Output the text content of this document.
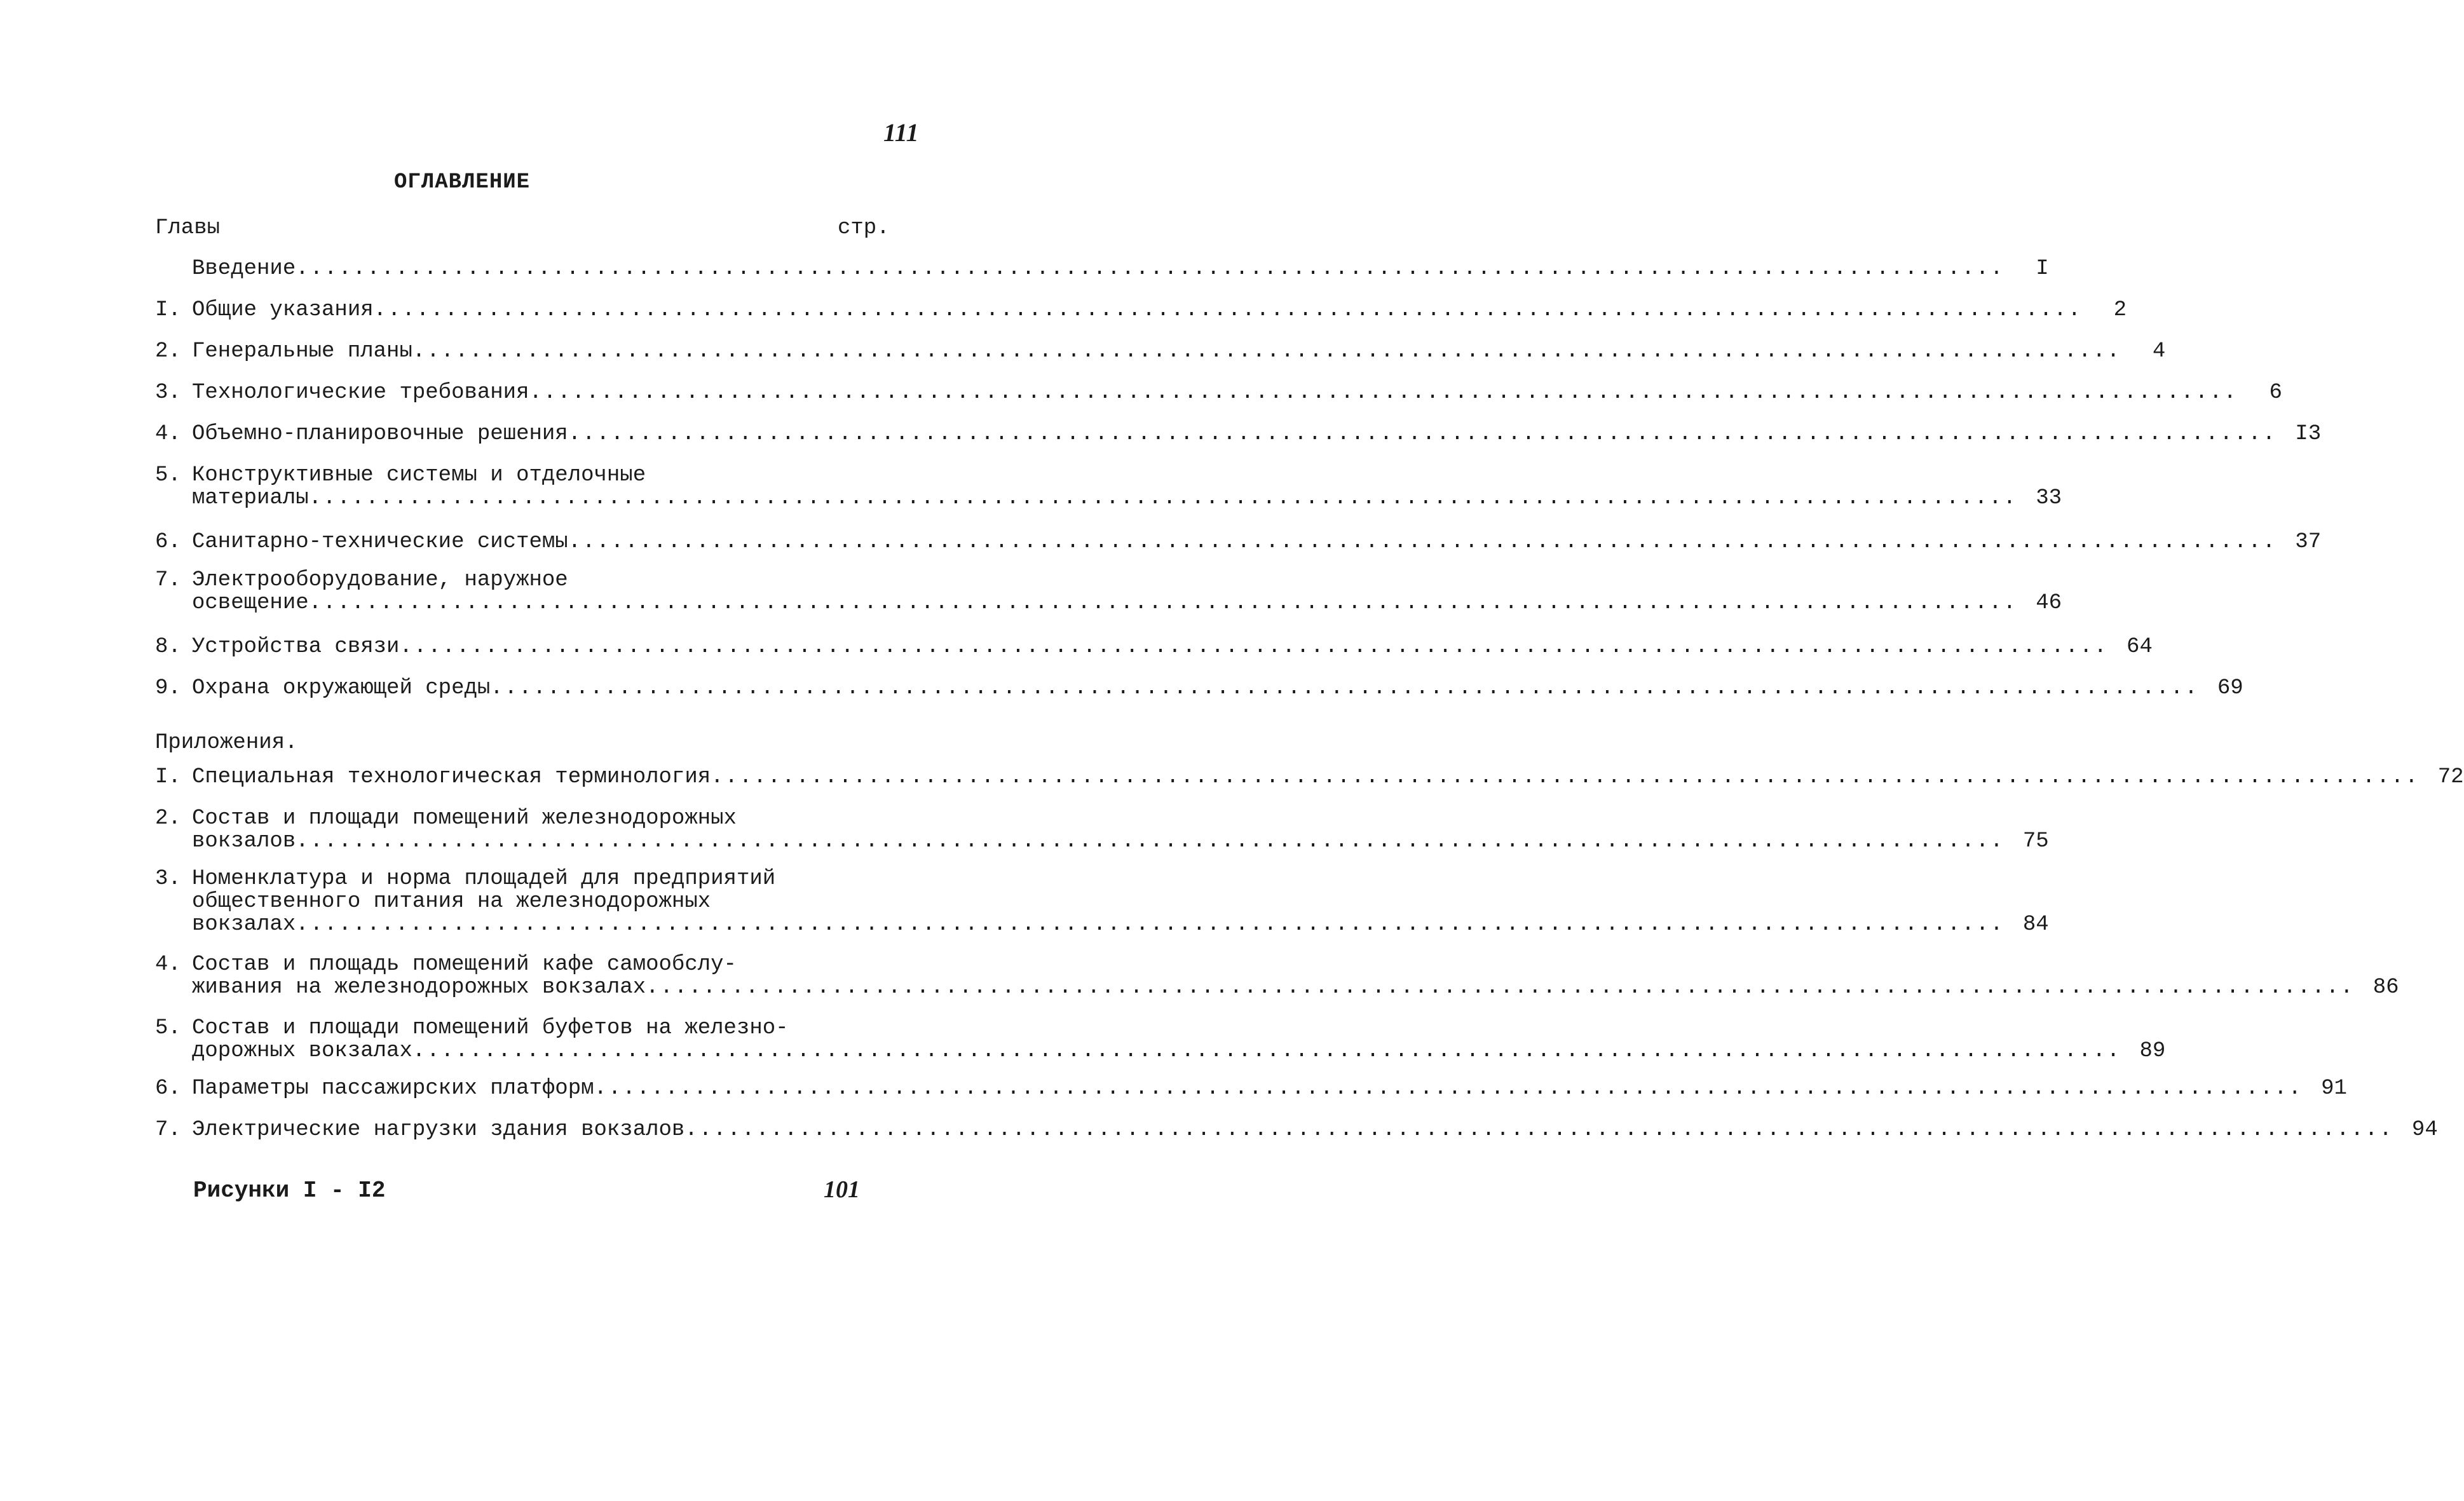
111
ОГЛАВЛЕНИЕ
Главы	стр.
Введение ........................................................................................................................	I
I. Общие указания ........................................................................................................................	2
2. Генеральные планы ........................................................................................................................	4
3. Технологические требования ........................................................................................................................	6
4. Объемно-планировочные решения ........................................................................................................................ I3
5. Конструктивные системы и отделочные
материалы ........................................................................................................................ 33
6. Санитарно-технические системы ........................................................................................................................ 37
7. Электрооборудование, наружное
освещение ........................................................................................................................ 46
8. Устройства связи ........................................................................................................................ 64
9. Охрана окружающей среды ........................................................................................................................ 69
Приложения.
I. Специальная технологическая терминология ........................................................................................................................ 72
2. Состав и площади помещений железнодорожных
вокзалов ........................................................................................................................ 75
3. Номенклатура и норма площадей для предприятий
общественного питания на железнодорожных
вокзалах ........................................................................................................................ 84
4. Состав и площадь помещений кафе самообслу-
живания на железнодорожных вокзалах ........................................................................................................................ 86
5. Состав и площади помещений буфетов на железно-
дорожных вокзалах ........................................................................................................................ 89
6. Параметры пассажирских платформ ........................................................................................................................ 91
7. Электрические нагрузки здания вокзалов ........................................................................................................................ 94
Рисунки I - I2	101
